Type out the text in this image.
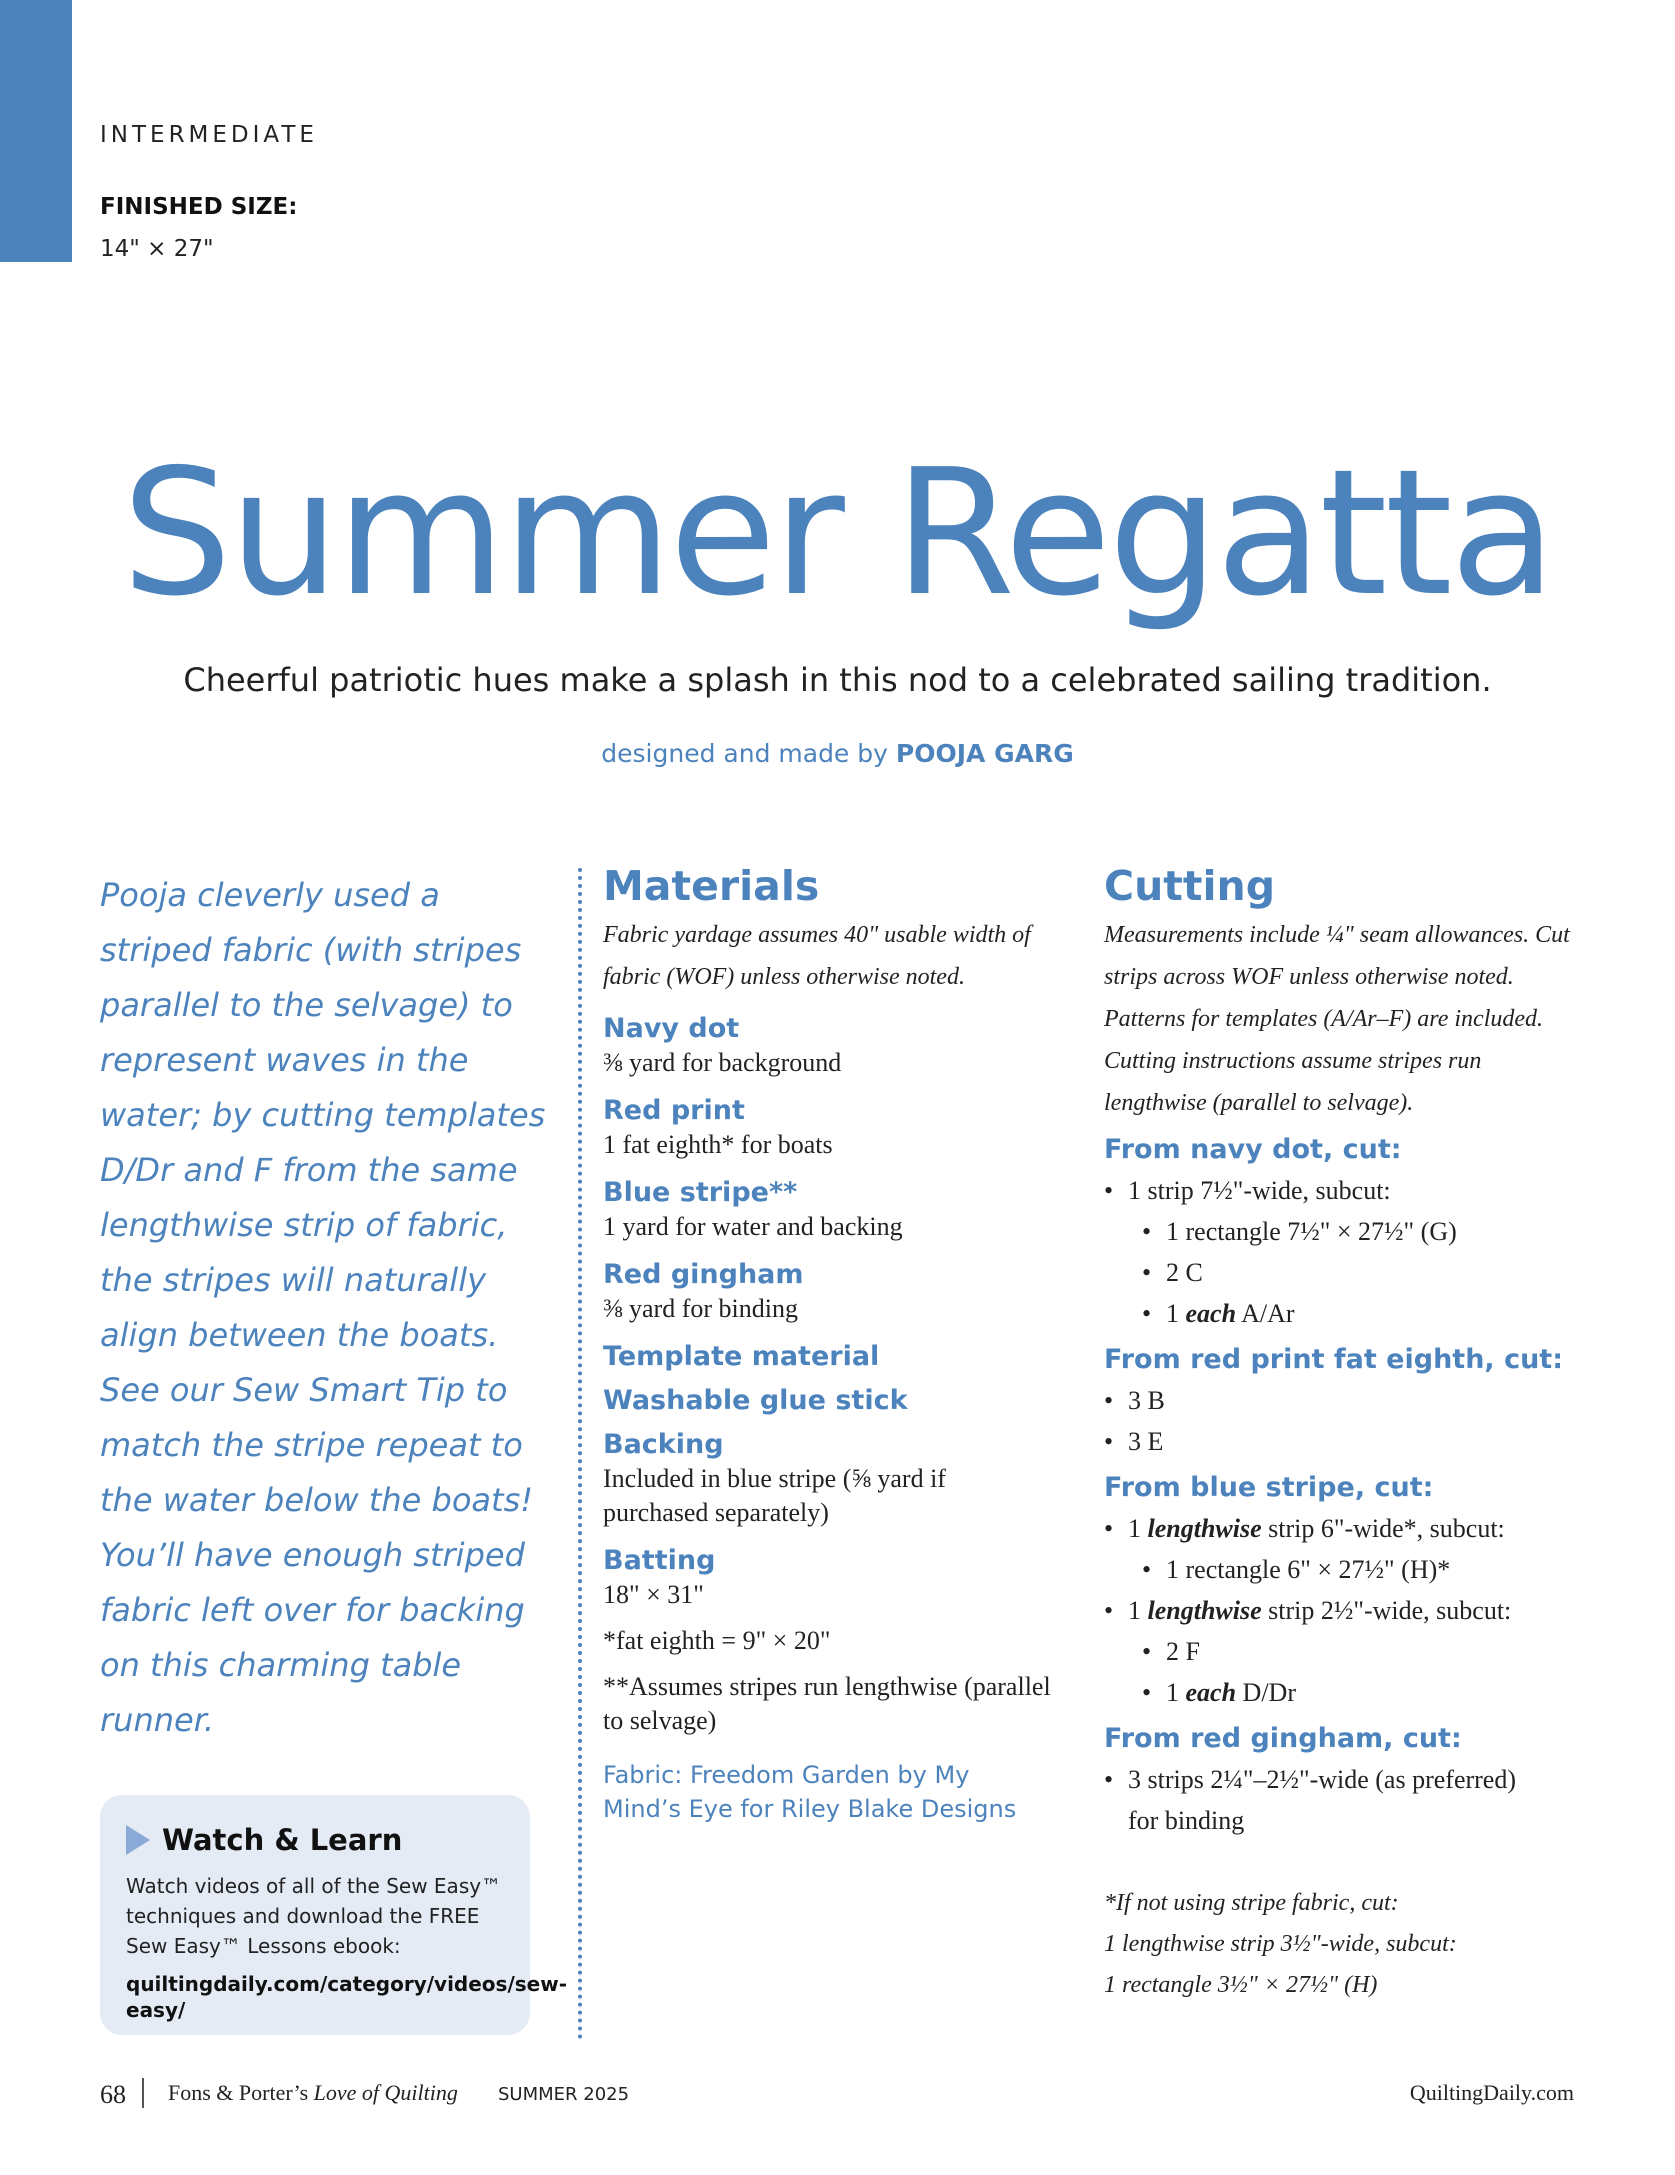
INTERMEDIATE
FINISHED SIZE:
14" × 27"
Summer Regatta
Cheerful patriotic hues make a splash in this nod to a celebrated sailing tradition.
designed and made by POOJA GARG
Pooja cleverly used a striped fabric (with stripes parallel to the selvage) to represent waves in the water; by cutting templates D/Dr and F from the same lengthwise strip of fabric, the stripes will naturally align between the boats. See our Sew Smart Tip to match the stripe repeat to the water below the boats! You’ll have enough striped fabric left over for backing on this charming table runner.
Watch & Learn
Watch videos of all of the Sew Easy™ techniques and download the FREE Sew Easy™ Lessons ebook:
quiltingdaily.com/category/videos/sew-easy/
Materials
Fabric yardage assumes 40" usable width of fabric (WOF) unless otherwise noted.
Navy dot
⅜ yard for background
Red print
1 fat eighth* for boats
Blue stripe**
1 yard for water and backing
Red gingham
⅜ yard for binding
Template material
Washable glue stick
Backing
Included in blue stripe (⅝ yard if purchased separately)
Batting
18" × 31"
*fat eighth = 9" × 20"
**Assumes stripes run lengthwise (parallel to selvage)
Fabric: Freedom Garden by My Mind’s Eye for Riley Blake Designs
Cutting
Measurements include ¼" seam allowances. Cut strips across WOF unless otherwise noted. Patterns for templates (A/Ar–F) are included. Cutting instructions assume stripes run lengthwise (parallel to selvage).
From navy dot, cut:
• 1 strip 7½"-wide, subcut:
• 1 rectangle 7½" × 27½" (G)
• 2 C
• 1 each A/Ar
From red print fat eighth, cut:
• 3 B
• 3 E
From blue stripe, cut:
• 1 lengthwise strip 6"-wide*, subcut:
• 1 rectangle 6" × 27½" (H)*
• 1 lengthwise strip 2½"-wide, subcut:
• 2 F
• 1 each D/Dr
From red gingham, cut:
• 3 strips 2¼"–2½"-wide (as preferred)
for binding
*If not using stripe fabric, cut:
1 lengthwise strip 3½"-wide, subcut:
1 rectangle 3½" × 27½" (H)
68 Fons & Porter’s Love of Quilting SUMMER 2025	QuiltingDaily.com
